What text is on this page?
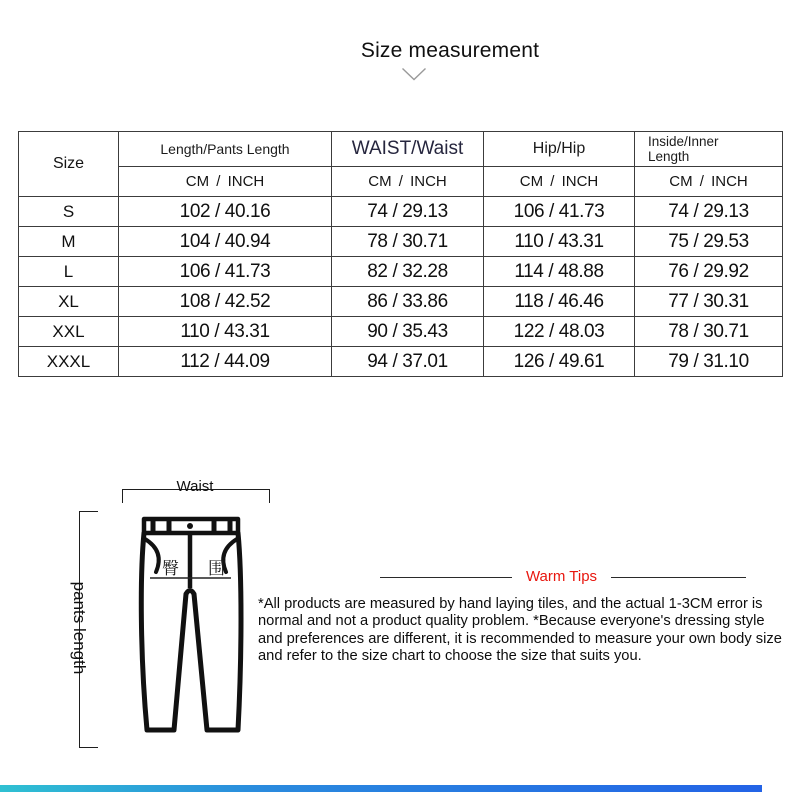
Size measurement
Size	Length/Pants Length	WAIST/Waist	Hip/Hip	Inside/Inner Length
	CM / INCH	CM / INCH	CM / INCH	CM / INCH
S	102 / 40.16	74 / 29.13	106 / 41.73	74 / 29.13
M	104 / 40.94	78 / 30.71	110 / 43.31	75 / 29.53
L	106 / 41.73	82 / 32.28	114 / 48.88	76 / 29.92
XL	108 / 42.52	86 / 33.86	118 / 46.46	77 / 30.31
XXL	110 / 43.31	90 / 35.43	122 / 48.03	78 / 30.71
XXXL	112 / 44.09	94 / 37.01	126 / 49.61	79 / 31.10
Waist
pants length
臀 围	Warm Tips
*All products are measured by hand laying tiles, and the actual 1-3CM error is normal and not a product quality problem. *Because everyone's dressing style and preferences are different, it is recommended to measure your own body size and refer to the size chart to choose the size that suits you.
